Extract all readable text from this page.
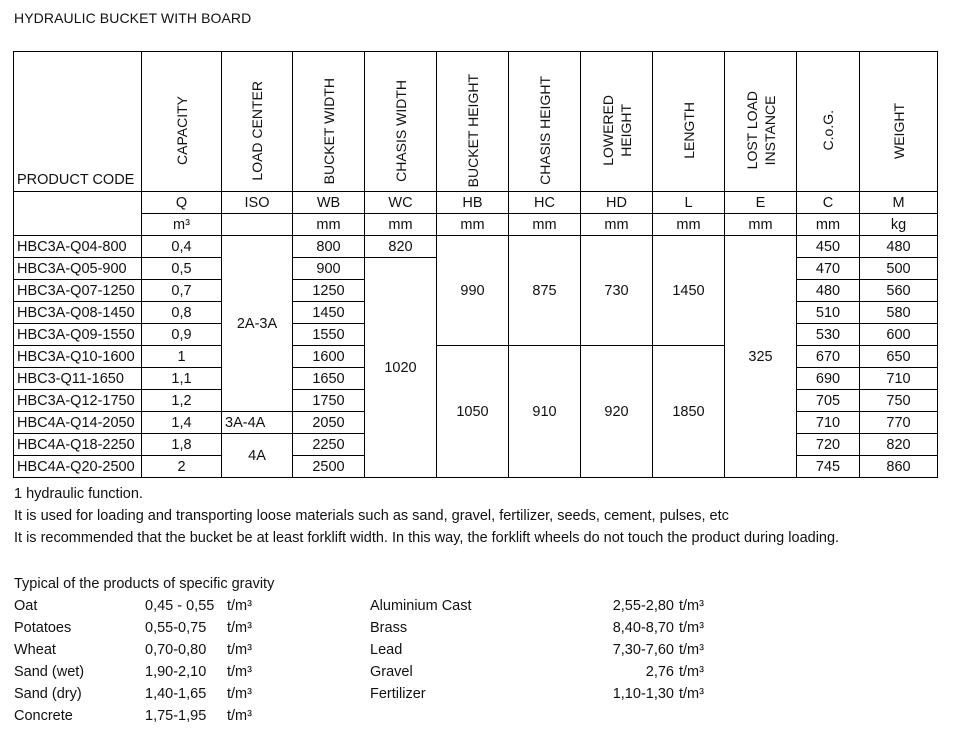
HYDRAULIC BUCKET WITH BOARD
PRODUCT CODE	CAPACITY	LOAD CENTER	BUCKET WIDTH	CHASIS WIDTH	BUCKET HEIGHT	CHASIS HEIGHT	LOWERED HEIGHT	LENGTH	LOST LOAD INSTANCE	C.o.G.	WEIGHT
	Q	ISO	WB	WC	HB	HC	HD	L	E	C	M
	m³		mm	mm	mm	mm	mm	mm	mm	mm	kg
HBC3A-Q04-800	0,4	2A-3A	800	820	990	875	730	1450	325	450	480
HBC3A-Q05-900	0,5		900	1020						470	500
HBC3A-Q07-1250	0,7		1250							480	560
HBC3A-Q08-1450	0,8		1450							510	580
HBC3A-Q09-1550	0,9		1550							530	600
HBC3A-Q10-1600	1		1600		1050	910	920	1850		670	650
HBC3-Q11-1650	1,1		1650							690	710
HBC3A-Q12-1750	1,2		1750							705	750
HBC4A-Q14-2050	1,4	3A-4A	2050							710	770
HBC4A-Q18-2250	1,8	4A	2250							720	820
HBC4A-Q20-2500	2		2500							745	860
1 hydraulic function.
It is used for loading and transporting loose materials such as sand, gravel, fertilizer, seeds, cement, pulses, etc
It is recommended that the bucket be at least forklift width. In this way, the forklift wheels do not touch the product during loading.
Typical of the products of specific gravity
Oat	0,45 - 0,55 t/m³	Aluminium Cast	2,55-2,80 t/m³
Potatoes	0,55-0,75 t/m³	Brass	8,40-8,70 t/m³
Wheat	0,70-0,80 t/m³	Lead	7,30-7,60 t/m³
Sand (wet)	1,90-2,10 t/m³	Gravel	2,76 t/m³
Sand (dry)	1,40-1,65 t/m³	Fertilizer	1,10-1,30 t/m³
Concrete	1,75-1,95 t/m³
